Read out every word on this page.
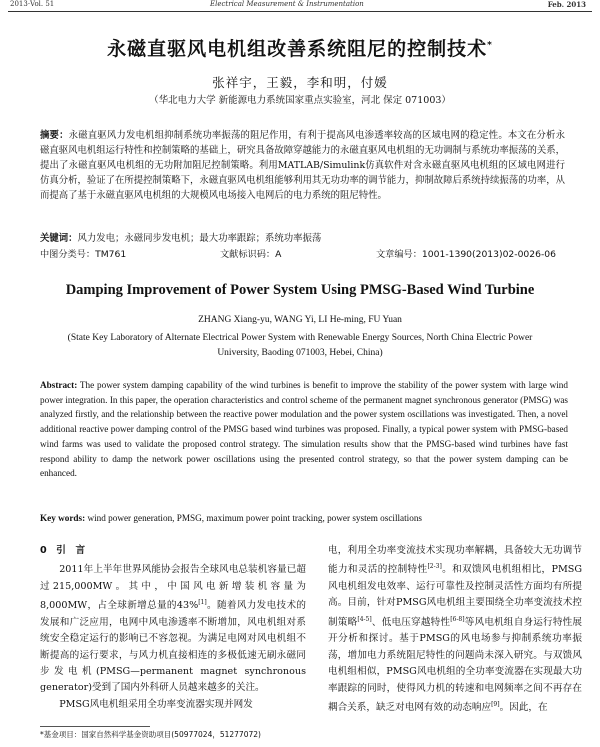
2013·Vol. 51	Electrical Measurement & Instrumentation	Feb. 2013
永磁直驱风电机组改善系统阻尼的控制技术*
张祥宇，王毅，李和明，付媛
（华北电力大学 新能源电力系统国家重点实验室，河北 保定 071003）
摘要：永磁直驱风力发电机组抑制系统功率振荡的阻尼作用，有利于提高风电渗透率较高的区域电网的稳定性。本文在分析永磁直驱风电机组运行特性和控制策略的基础上，研究具备故障穿越能力的永磁直驱风电机组的无功调制与系统功率振荡的关系，提出了永磁直驱风电机组的无功附加阻尼控制策略。利用MATLAB/Simulink仿真软件对含永磁直驱风电机组的区域电网进行仿真分析，验证了在所提控制策略下，永磁直驱风电机组能够利用其无功功率的调节能力，抑制故障后系统持续振荡的功率，从而提高了基于永磁直驱风电机组的大规模风电场接入电网后的电力系统的阻尼特性。
关键词：风力发电；永磁同步发电机；最大功率跟踪；系统功率振荡
中图分类号：TM761	文献标识码：A	文章编号：1001-1390(2013)02-0026-06
Damping Improvement of Power System Using PMSG-Based Wind Turbine
ZHANG Xiang-yu, WANG Yi, LI He-ming, FU Yuan
(State Key Laboratory of Alternate Electrical Power System with Renewable Energy Sources, North China Electric Power University, Baoding 071003, Hebei, China)
Abstract: The power system damping capability of the wind turbines is benefit to improve the stability of the power system with large wind power integration. In this paper, the operation characteristics and control scheme of the permanent magnet synchronous generator (PMSG) was analyzed firstly, and the relationship between the reactive power modulation and the power system oscillations was investigated. Then, a novel additional reactive power damping control of the PMSG based wind turbines was proposed. Finally, a typical power system with PMSG-based wind farms was used to validate the proposed control strategy. The simulation results show that the PMSG-based wind turbines have fast respond ability to damp the network power oscillations using the presented control strategy, so that the power system damping can be enhanced.
Key words: wind power generation, PMSG, maximum power point tracking, power system oscillations
0　引　言

2011年上半年世界风能协会报告全球风电总装机容量已超过215,000MW。其中，中国风电新增装机容量为8,000MW，占全球新增总量的43%[1]。随着风力发电技术的发展和广泛应用，电网中风电渗透率不断增加，风电机组对系统安全稳定运行的影响已不容忽视。为满足电网对风电机组不断提高的运行要求，与风力机直接相连的多极低速无刷永磁同步发电机(PMSG—permanent magnet synchronous generator)受到了国内外科研人员越来越多的关注。

PMSG风电机组采用全功率变流器实现并网发

电，利用全功率变流技术实现功率解耦，具备较大无功调节能力和灵活的控制特性[2-3]。和双馈风电机组相比，PMSG风电机组发电效率、运行可靠性及控制灵活性方面均有所提高。目前，针对PMSG风电机组主要围绕全功率变流技术控制策略[4-5]、低电压穿越特性[6-8]等风电机组自身运行特性展开分析和探讨。基于PMSG的风电场参与抑制系统功率振荡，增加电力系统阻尼特性的问题尚未深入研究。与双馈风电机组相似，PMSG风电机组的全功率变流器在实现最大功率跟踪的同时，使得风力机的转速和电网频率之间不再存在耦合关系，缺乏对电网有效的动态响应[9]。因此，在

*基金项目：国家自然科学基金资助项目(50977024，51277072)
